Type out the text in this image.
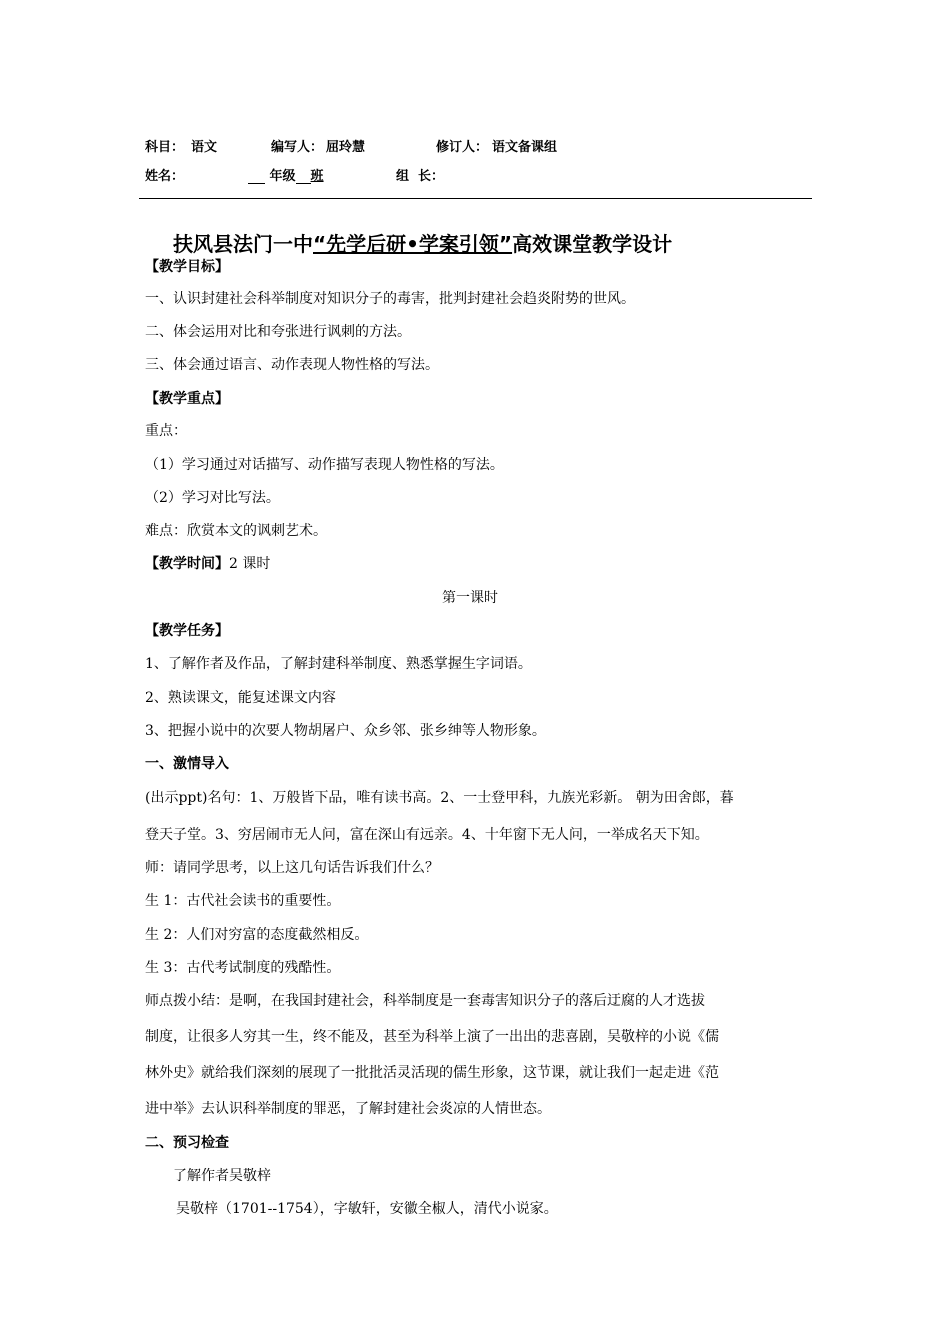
科目： 语文	编写人： 屈玲慧	修订人： 语文备课组
姓名：	年级 班	组  长：
扶风县法门一中“先学后研•学案引领”高效课堂教学设计
【教学目标】
一、认识封建社会科举制度对知识分子的毒害，批判封建社会趋炎附势的世风。
二、体会运用对比和夸张进行讽刺的方法。
三、体会通过语言、动作表现人物性格的写法。
【教学重点】
重点：
（1）学习通过对话描写、动作描写表现人物性格的写法。
（2）学习对比写法。
难点：欣赏本文的讽刺艺术。
【教学时间】2 课时
第一课时
【教学任务】
1、了解作者及作品，了解封建科举制度、熟悉掌握生字词语。
2、熟读课文，能复述课文内容
3、把握小说中的次要人物胡屠户、众乡邻、张乡绅等人物形象。
一、激情导入
(出示ppt)名句：1、万般皆下品，唯有读书高。2、一士登甲科，九族光彩新。 朝为田舍郎，暮
登天子堂。3、穷居闹市无人问，富在深山有远亲。4、十年窗下无人问，一举成名天下知。
师：请同学思考，以上这几句话告诉我们什么？
生 1：古代社会读书的重要性。
生 2：人们对穷富的态度截然相反。
生 3：古代考试制度的残酷性。
师点拨小结：是啊，在我国封建社会，科举制度是一套毒害知识分子的落后迂腐的人才选拔
制度，让很多人穷其一生，终不能及，甚至为科举上演了一出出的悲喜剧，吴敬梓的小说《儒
林外史》就给我们深刻的展现了一批批活灵活现的儒生形象，这节课，就让我们一起走进《范
进中举》去认识科举制度的罪恶，了解封建社会炎凉的人情世态。
二、预习检查
了解作者吴敬梓
吴敬梓（1701--1754），字敏轩，安徽全椒人，清代小说家。
